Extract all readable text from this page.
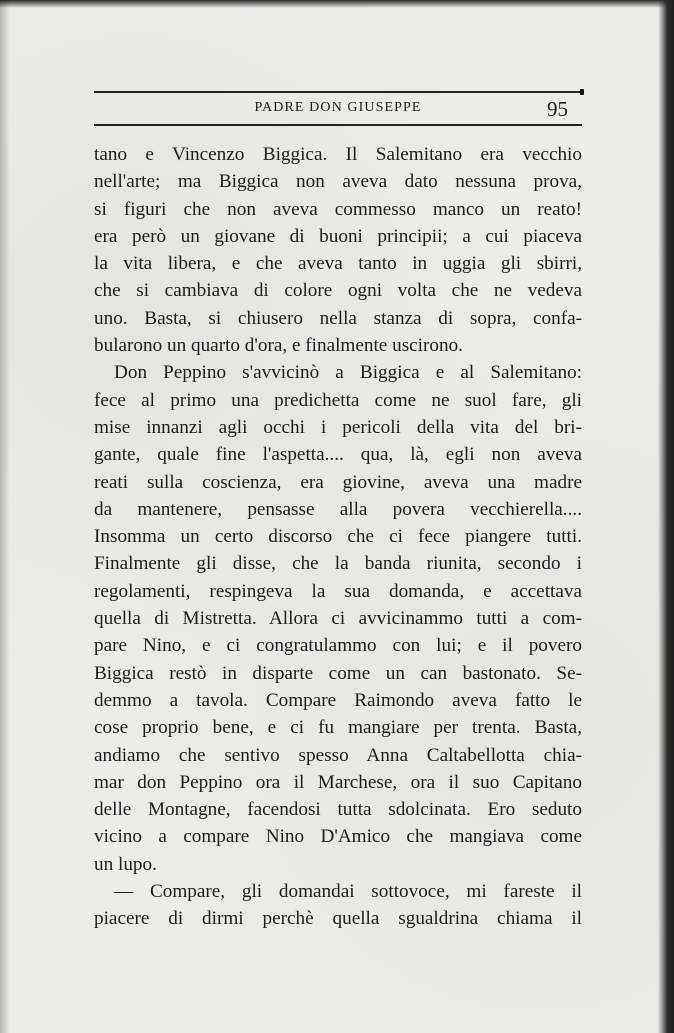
PADRE DON GIUSEPPE	95
tano e Vincenzo Biggica. Il Salemitano era vecchio
nell'arte; ma Biggica non aveva dato nessuna prova,
si figuri che non aveva commesso manco un reato!
era però un giovane di buoni principii; a cui piaceva
la vita libera, e che aveva tanto in uggia gli sbirri,
che si cambiava di colore ogni volta che ne vedeva
uno. Basta, si chiusero nella stanza di sopra, confa-
bularono un quarto d'ora, e finalmente uscirono.
Don Peppino s'avvicinò a Biggica e al Salemitano:
fece al primo una predichetta come ne suol fare, gli
mise innanzi agli occhi i pericoli della vita del bri-
gante, quale fine l'aspetta.... qua, là, egli non aveva
reati sulla coscienza, era giovine, aveva una madre
da mantenere, pensasse alla povera vecchierella....
Insomma un certo discorso che ci fece piangere tutti.
Finalmente gli disse, che la banda riunita, secondo i
regolamenti, respingeva la sua domanda, e accettava
quella di Mistretta. Allora ci avvicinammo tutti a com-
pare Nino, e ci congratulammo con lui; e il povero
Biggica restò in disparte come un can bastonato. Se-
demmo a tavola. Compare Raimondo aveva fatto le
cose proprio bene, e ci fu mangiare per trenta. Basta,
andiamo che sentivo spesso Anna Caltabellotta chia-
mar don Peppino ora il Marchese, ora il suo Capitano
delle Montagne, facendosi tutta sdolcinata. Ero seduto
vicino a compare Nino D'Amico che mangiava come
un lupo.
— Compare, gli domandai sottovoce, mi fareste il
piacere di dirmi perchè quella sgualdrina chiama il
